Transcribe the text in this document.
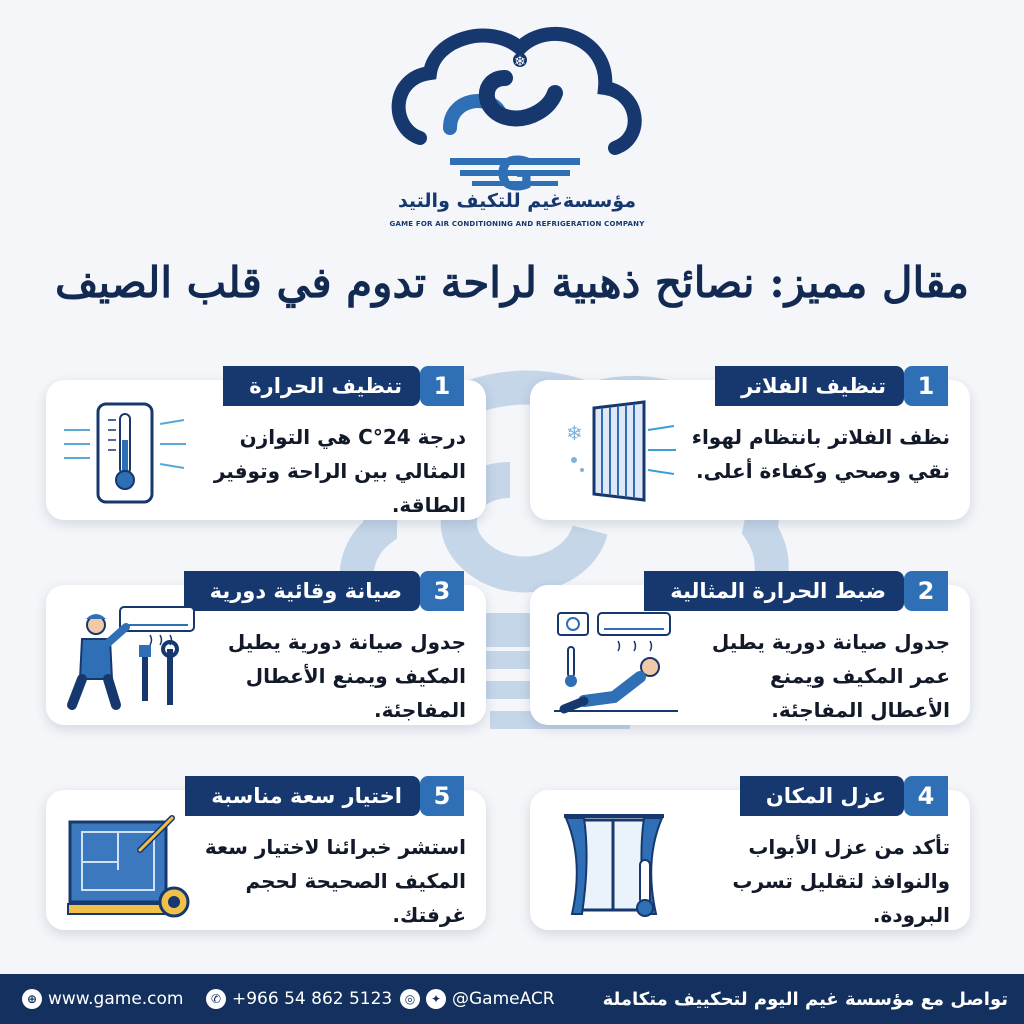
❄
G
مؤسسةغيم للتكيف والتيد
GAME FOR AIR CONDITIONING AND REFRIGERATION COMPANY
مقال مميز: نصائح ذهبية لراحة تدوم في قلب الصيف
1
تنظيف الفلاتر
نظف الفلاتر بانتظام لهواء نقي وصحي وكفاءة أعلى.
❄
1
تنظيف الحرارة
درجة 24°C هي التوازن المثالي بين الراحة وتوفير الطاقة.
2
ضبط الحرارة المثالية
جدول صيانة دورية يطيل عمر المكيف ويمنع الأعطال المفاجئة.
3
صيانة وقائية دورية
جدول صيانة دورية يطيل المكيف ويمنع الأعطال المفاجئة.
4
عزل المكان
تأكد من عزل الأبواب والنوافذ لتقليل تسرب البرودة.
5
اختيار سعة مناسبة
استشر خبرائنا لاختيار سعة المكيف الصحيحة لحجم غرفتك.
⊕ www.game.com	✆ +966 54 862 5123	◎	✦ @GameACR	تواصل مع مؤسسة غيم اليوم لتحكييف متكاملة
